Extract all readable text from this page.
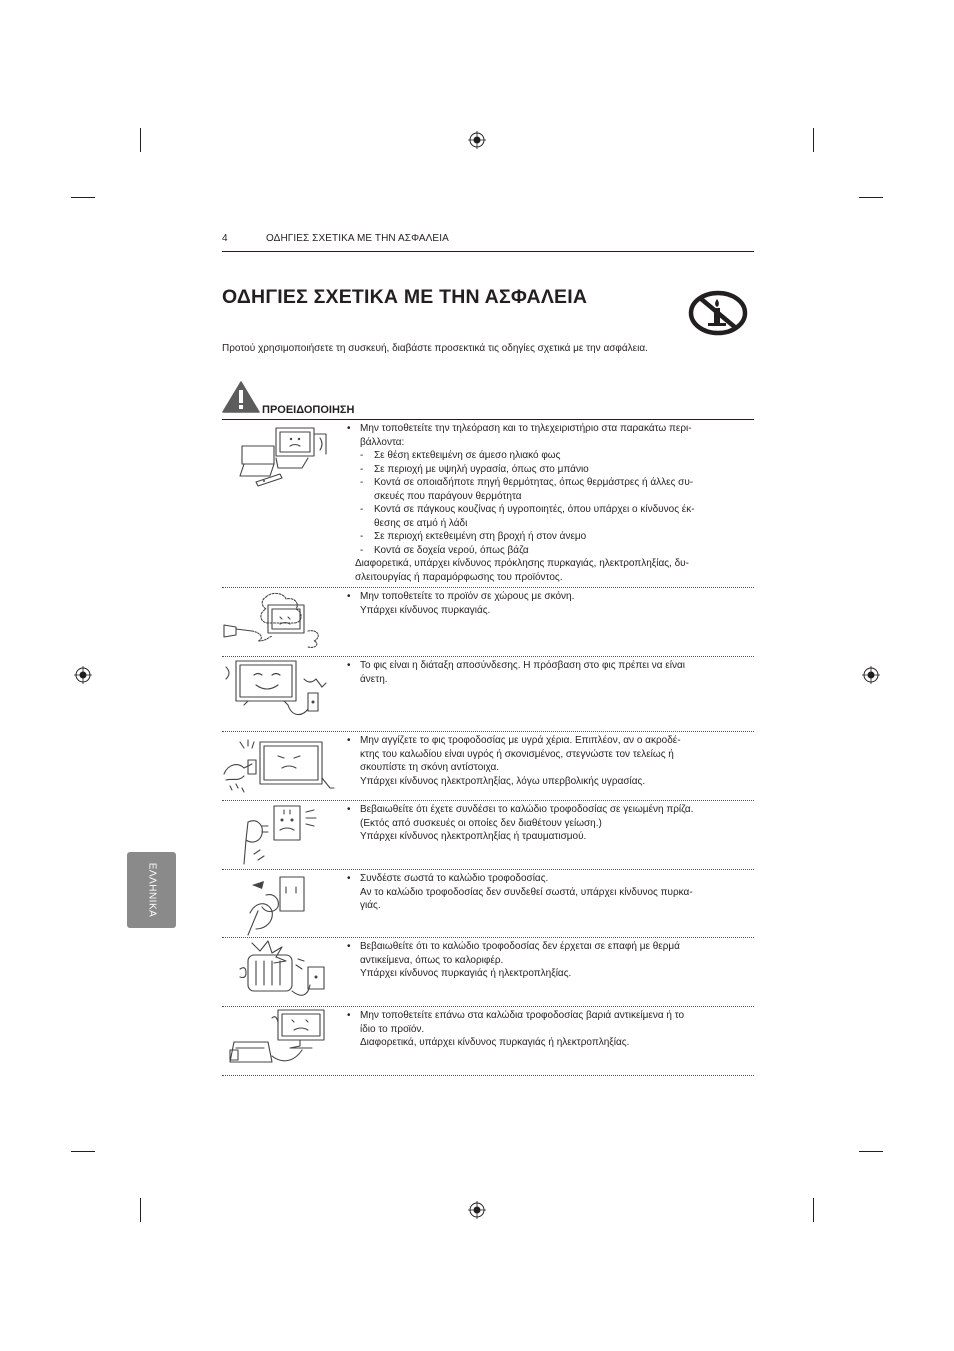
4	ΟΔΗΓΙΕΣ ΣΧΕΤΙΚΑ ΜΕ ΤΗΝ ΑΣΦΑΛΕΙΑ
ΟΔΗΓΙΕΣ ΣΧΕΤΙΚΑ ΜΕ ΤΗΝ ΑΣΦΑΛΕΙΑ
Προτού χρησιμοποιήσετε τη συσκευή, διαβάστε προσεκτικά τις οδηγίες σχετικά με την ασφάλεια.
ΠΡΟΕΙΔΟΠΟΙΗΣΗ
• Μην τοποθετείτε την τηλεόραση και το τηλεχειριστήριο στα παρακάτω περι-
βάλλοντα:
- Σε θέση εκτεθειμένη σε άμεσο ηλιακό φως
- Σε περιοχή με υψηλή υγρασία, όπως στο μπάνιο
- Κοντά σε οποιαδήποτε πηγή θερμότητας, όπως θερμάστρες ή άλλες συ-
σκευές που παράγουν θερμότητα
- Κοντά σε πάγκους κουζίνας ή υγροποιητές, όπου υπάρχει ο κίνδυνος έκ-
θεσης σε ατμό ή λάδι
- Σε περιοχή εκτεθειμένη στη βροχή ή στον άνεμο
- Κοντά σε δοχεία νερού, όπως βάζα
Διαφορετικά, υπάρχει κίνδυνος πρόκλησης πυρκαγιάς, ηλεκτροπληξίας, δυ-
σλειτουργίας ή παραμόρφωσης του προϊόντος.
• Μην τοποθετείτε το προϊόν σε χώρους με σκόνη.
Υπάρχει κίνδυνος πυρκαγιάς.
• Το φις είναι η διάταξη αποσύνδεσης. Η πρόσβαση στο φις πρέπει να είναι
άνετη.
• Μην αγγίζετε το φις τροφοδοσίας με υγρά χέρια. Επιπλέον, αν ο ακροδέ-
κτης του καλωδίου είναι υγρός ή σκονισμένος, στεγνώστε τον τελείως ή
σκουπίστε τη σκόνη αντίστοιχα.
Υπάρχει κίνδυνος ηλεκτροπληξίας, λόγω υπερβολικής υγρασίας.
• Βεβαιωθείτε ότι έχετε συνδέσει το καλώδιο τροφοδοσίας σε γειωμένη πρίζα.
(Εκτός από συσκευές οι οποίες δεν διαθέτουν γείωση.)
Υπάρχει κίνδυνος ηλεκτροπληξίας ή τραυματισμού.
• Συνδέστε σωστά το καλώδιο τροφοδοσίας.
Αν το καλώδιο τροφοδοσίας δεν συνδεθεί σωστά, υπάρχει κίνδυνος πυρκα-
γιάς.
• Βεβαιωθείτε ότι το καλώδιο τροφοδοσίας δεν έρχεται σε επαφή με θερμά
αντικείμενα, όπως το καλοριφέρ.
Υπάρχει κίνδυνος πυρκαγιάς ή ηλεκτροπληξίας.
• Μην τοποθετείτε επάνω στα καλώδια τροφοδοσίας βαριά αντικείμενα ή το
ίδιο το προϊόν.
Διαφορετικά, υπάρχει κίνδυνος πυρκαγιάς ή ηλεκτροπληξίας.
ΕΛΛΗΝΙΚΑ
